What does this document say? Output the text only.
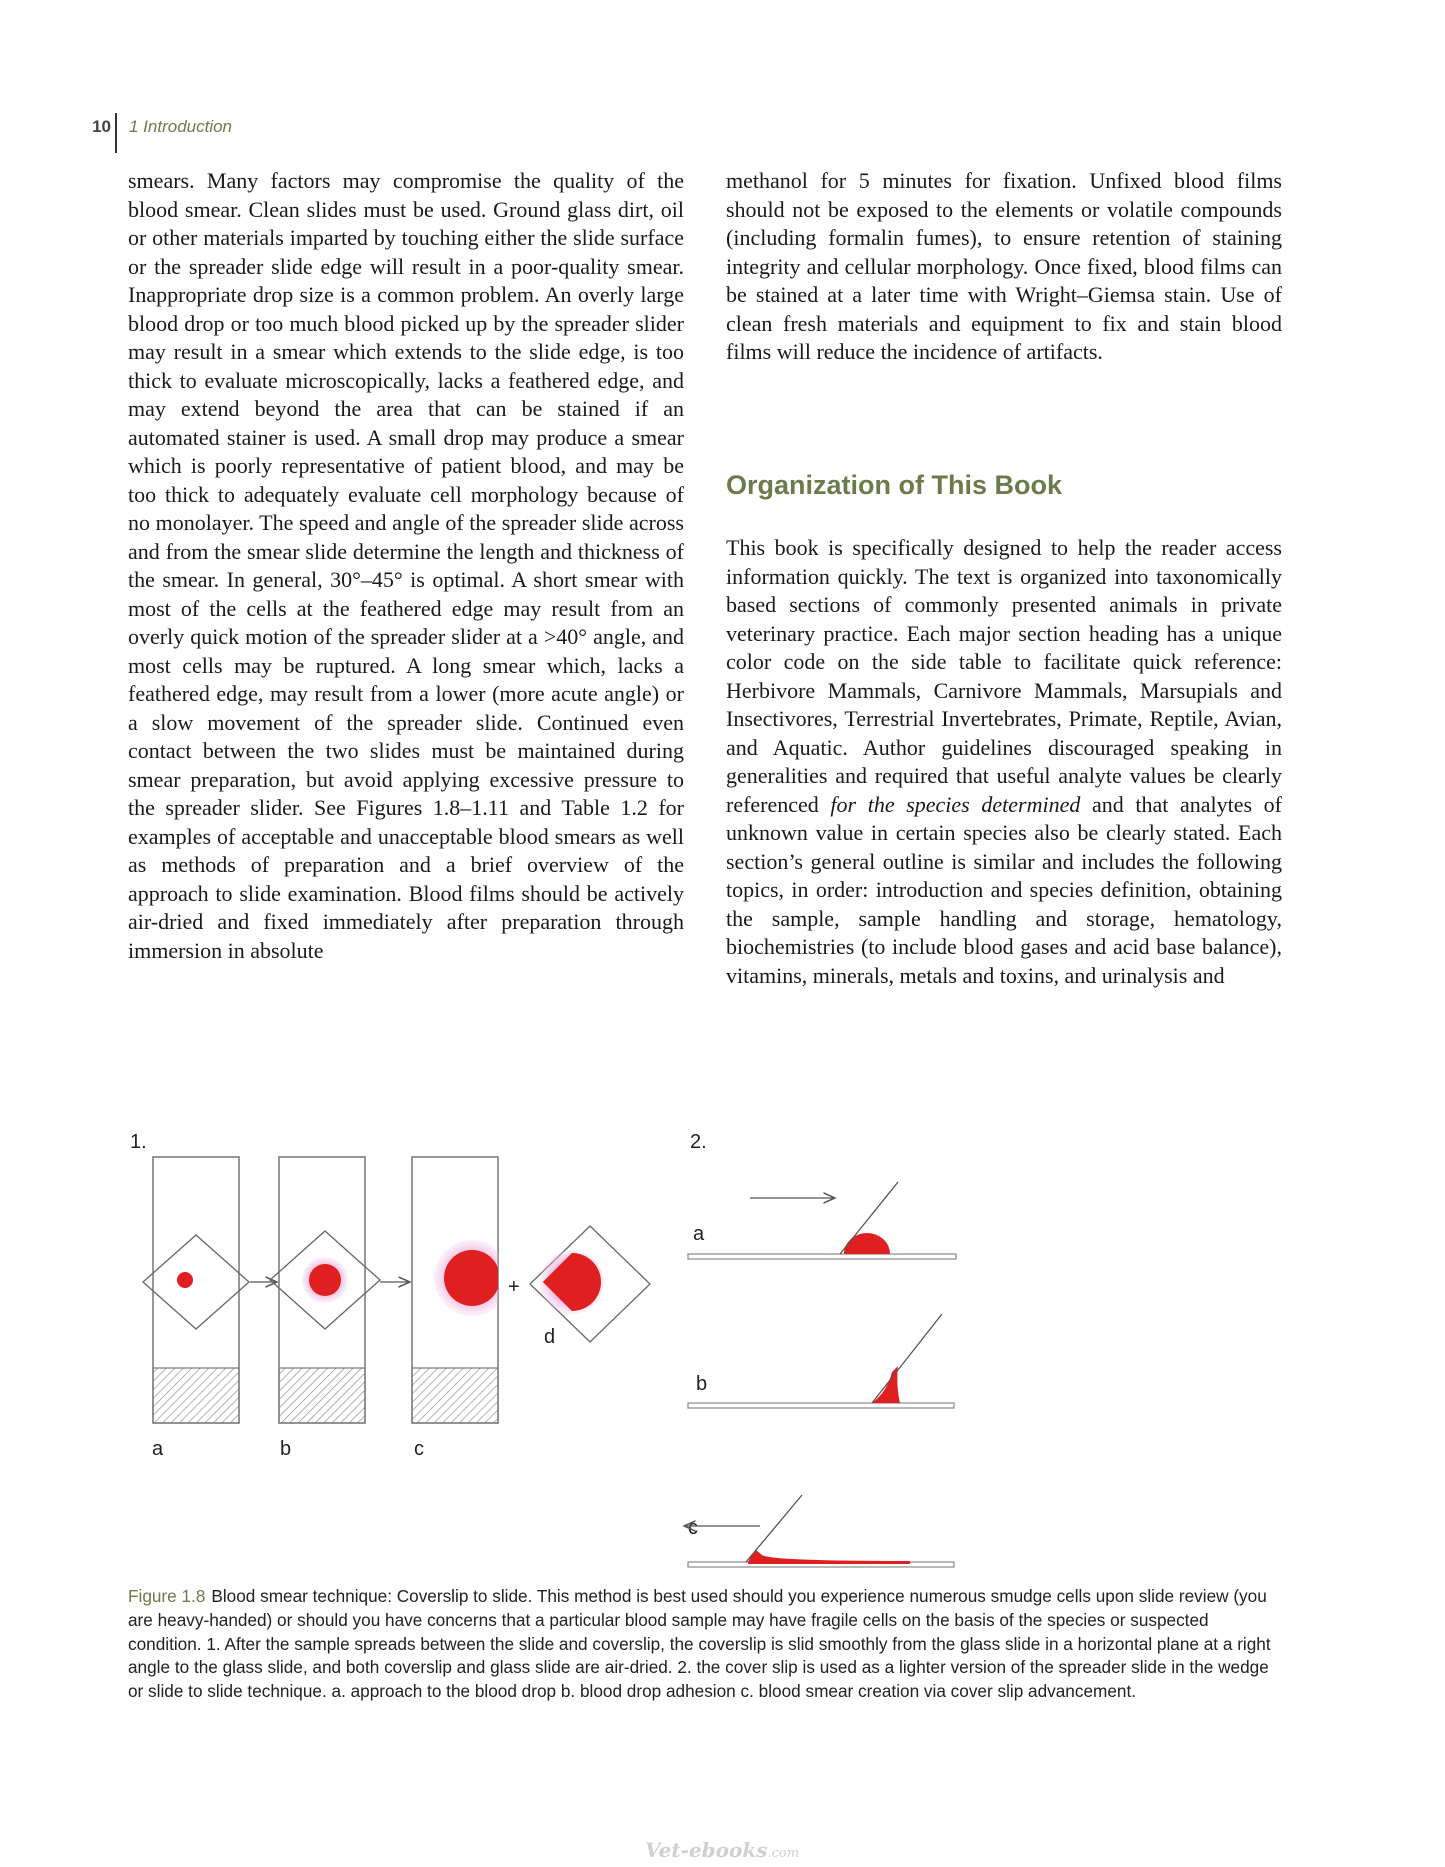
10 1 Introduction

smears. Many factors may compromise the quality of the blood smear. Clean slides must be used. Ground glass dirt, oil or other materials imparted by touching either the slide surface or the spreader slide edge will result in a poor-quality smear. Inappropriate drop size is a common problem. An overly large blood drop or too much blood picked up by the spreader slider may result in a smear which extends to the slide edge, is too thick to evaluate microscopically, lacks a feathered edge, and may extend beyond the area that can be stained if an automated stainer is used. A small drop may produce a smear which is poorly representative of patient blood, and may be too thick to adequately evaluate cell morphology because of no monolayer. The speed and angle of the spreader slide across and from the smear slide determine the length and thickness of the smear. In general, 30°–45° is optimal. A short smear with most of the cells at the feathered edge may result from an overly quick motion of the spreader slider at a >40° angle, and most cells may be ruptured. A long smear which, lacks a feathered edge, may result from a lower (more acute angle) or a slow movement of the spreader slide. Continued even contact between the two slides must be maintained during smear preparation, but avoid applying excessive pressure to the spreader slider. See Figures 1.8–1.11 and Table 1.2 for examples of acceptable and unacceptable blood smears as well as methods of preparation and a brief overview of the approach to slide examination. Blood films should be actively air-dried and fixed immediately after preparation through immersion in absolute

methanol for 5 minutes for fixation. Unfixed blood films should not be exposed to the elements or volatile compounds (including formalin fumes), to ensure retention of staining integrity and cellular morphology. Once fixed, blood films can be stained at a later time with Wright–Giemsa stain. Use of clean fresh materials and equipment to fix and stain blood films will reduce the incidence of artifacts.

Organization of This Book

This book is specifically designed to help the reader access information quickly. The text is organized into taxonomically based sections of commonly presented animals in private veterinary practice. Each major section heading has a unique color code on the side table to facilitate quick reference: Herbivore Mammals, Carnivore Mammals, Marsupials and Insectivores, Terrestrial Invertebrates, Primate, Reptile, Avian, and Aquatic. Author guidelines discouraged speaking in generalities and required that useful analyte values be clearly referenced for the species determined and that analytes of unknown value in certain species also be clearly stated. Each section’s general outline is similar and includes the following topics, in order: introduction and species definition, obtaining the sample, sample handling and storage, hematology, biochemistries (to include blood gases and acid base balance), vitamins, minerals, metals and toxins, and urinalysis and

1.
a	b	c
d
+
2.
a
b
c
Figure 1.8 Blood smear technique: Coverslip to slide. This method is best used should you experience numerous smudge cells upon slide review (you are heavy-handed) or should you have concerns that a particular blood sample may have fragile cells on the basis of the species or suspected condition. 1. After the sample spreads between the slide and coverslip, the coverslip is slid smoothly from the glass slide in a horizontal plane at a right angle to the glass slide, and both coverslip and glass slide are air-dried. 2. the cover slip is used as a lighter version of the spreader slide in the wedge or slide to slide technique. a. approach to the blood drop b. blood drop adhesion c. blood smear creation via cover slip advancement.
Vet-ebooks.com
